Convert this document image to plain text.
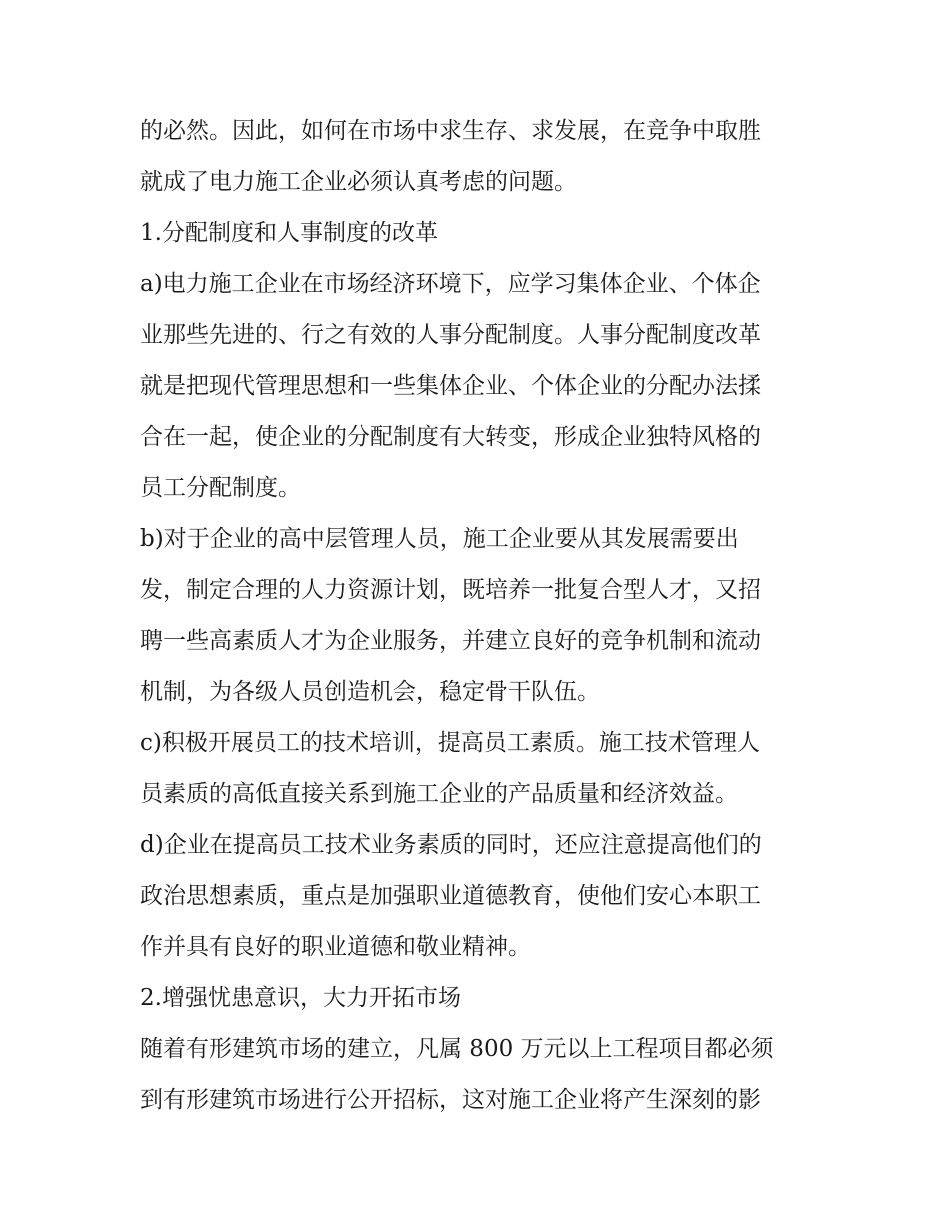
的必然。因此，如何在市场中求生存、求发展，在竞争中取胜
就成了电力施工企业必须认真考虑的问题。

1.分配制度和人事制度的改革

a)电力施工企业在市场经济环境下，应学习集体企业、个体企
业那些先进的、行之有效的人事分配制度。人事分配制度改革
就是把现代管理思想和一些集体企业、个体企业的分配办法揉
合在一起，使企业的分配制度有大转变，形成企业独特风格的
员工分配制度。

b)对于企业的高中层管理人员，施工企业要从其发展需要出
发，制定合理的人力资源计划，既培养一批复合型人才，又招
聘一些高素质人才为企业服务，并建立良好的竞争机制和流动
机制，为各级人员创造机会，稳定骨干队伍。

c)积极开展员工的技术培训，提高员工素质。施工技术管理人
员素质的高低直接关系到施工企业的产品质量和经济效益。

d)企业在提高员工技术业务素质的同时，还应注意提高他们的
政治思想素质，重点是加强职业道德教育，使他们安心本职工
作并具有良好的职业道德和敬业精神。

2.增强忧患意识，大力开拓市场

随着有形建筑市场的建立，凡属 800 万元以上工程项目都必须
到有形建筑市场进行公开招标，这对施工企业将产生深刻的影
